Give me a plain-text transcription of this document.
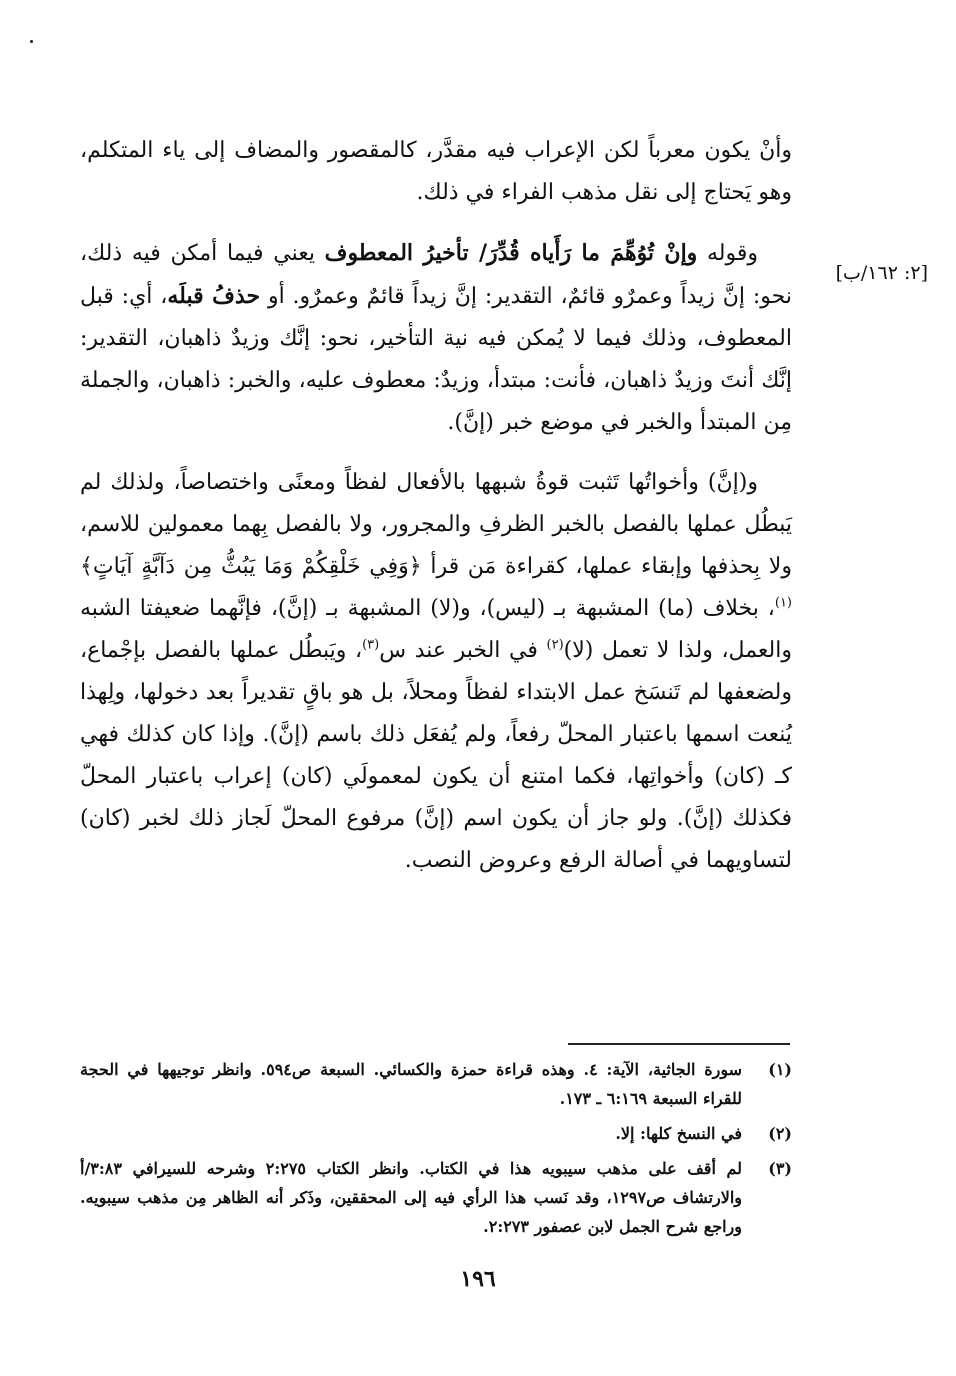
[٢: ١٦٢/ب]

وأنْ يكون معرباً لكن الإعراب فيه مقدَّر، كالمقصور والمضاف إلى ياء المتكلم، وهو يَحتاج إلى نقل مذهب الفراء في ذلك.

وقوله وإنْ تُوُهِّمَ ما رَأَياه قُدِّرَ/ تأخيرُ المعطوف يعني فيما أمكن فيه ذلك، نحو: إنَّ زيداً وعمرٌو قائمٌ، التقدير: إنَّ زيداً قائمٌ وعمرٌو. أو حذفُ قبلَه، أي: قبل المعطوف، وذلك فيما لا يُمكن فيه نية التأخير، نحو: إنَّك وزيدٌ ذاهبان، التقدير: إنَّك أنتَ وزيدٌ ذاهبان، فأنت: مبتدأ، وزيدٌ: معطوف عليه، والخبر: ذاهبان، والجملة مِن المبتدأ والخبر في موضع خبر (إنَّ).

و(إنَّ) وأخواتُها تَثبت قوةُ شبهها بالأفعال لفظاً ومعنًى واختصاصاً، ولذلك لم يَبطُل عملها بالفصل بالخبر الظرفِ والمجرور، ولا بالفصل بِهما معمولين للاسم، ولا بِحذفها وإبقاء عملها، كقراءة مَن قرأ ﴿وَفِي خَلْقِكُمْ وَمَا يَبُثُّ مِن دَآبَّةٍ آيَاتٍ﴾$^{(١)}$، بخلاف (ما) المشبهة بـ (ليس)، و(لا) المشبهة بـ (إنَّ)، فإنَّهما ضعيفتا الشبه والعمل، ولذا لا تعمل (لا)$^{(٢)}$ في الخبر عند س$^{(٣)}$، ويَبطُل عملها بالفصل بإجْماع، ولضعفها لم تَنسَخ عمل الابتداء لفظاً ومحلاً، بل هو باقٍ تقديراً بعد دخولها، ولِهذا يُنعت اسمها باعتبار المحلّ رفعاً، ولم يُفعَل ذلك باسم (إنَّ). وإذا كان كذلك فهي كـ (كان) وأخواتِها، فكما امتنع أن يكون لمعمولَي (كان) إعراب باعتبار المحلّ فكذلك (إنَّ). ولو جاز أن يكون اسم (إنَّ) مرفوع المحلّ لَجاز ذلك لخبر (كان) لتساويهما في أصالة الرفع وعروض النصب.

(١)
سورة الجاثية، الآية: ٤. وهذه قراءة حمزة والكسائي. السبعة ص٥٩٤. وانظر توجيهها في الحجة للقراء السبعة ٦:١٦٩ ـ ١٧٣.
(٢)
في النسخ كلها: إلا.
(٣)
لم أقف على مذهب سيبويه هذا في الكتاب. وانظر الكتاب ٢:٢٧٥ وشرحه للسيرافي ٣:٨٣/أ والارتشاف ص١٢٩٧، وقد نَسب هذا الرأي فيه إلى المحققين، وذَكر أنه الظاهر مِن مذهب سيبويه. وراجع شرح الجمل لابن عصفور ٢:٢٧٣.
١٩٦
